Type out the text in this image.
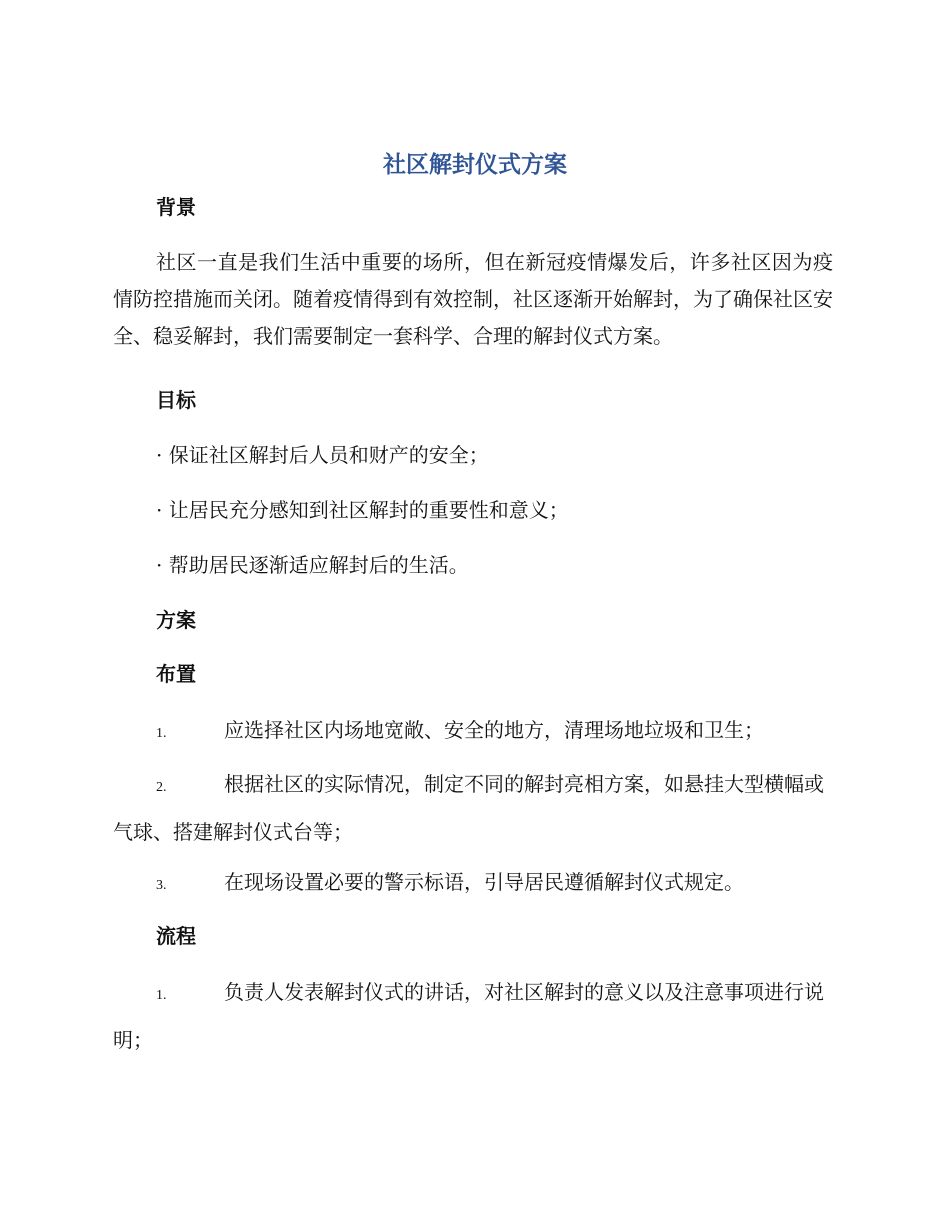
社区解封仪式方案
背景
社区一直是我们生活中重要的场所，但在新冠疫情爆发后，许多社区因为疫情防控措施而关闭。随着疫情得到有效控制，社区逐渐开始解封，为了确保社区安全、稳妥解封，我们需要制定一套科学、合理的解封仪式方案。
目标
· 保证社区解封后人员和财产的安全；
· 让居民充分感知到社区解封的重要性和意义；
· 帮助居民逐渐适应解封后的生活。
方案
布置
1.	应选择社区内场地宽敞、安全的地方，清理场地垃圾和卫生；
2.	根据社区的实际情况，制定不同的解封亮相方案，如悬挂大型横幅或气球、搭建解封仪式台等；
3.	在现场设置必要的警示标语，引导居民遵循解封仪式规定。
流程
1.	负责人发表解封仪式的讲话，对社区解封的意义以及注意事项进行说明；
